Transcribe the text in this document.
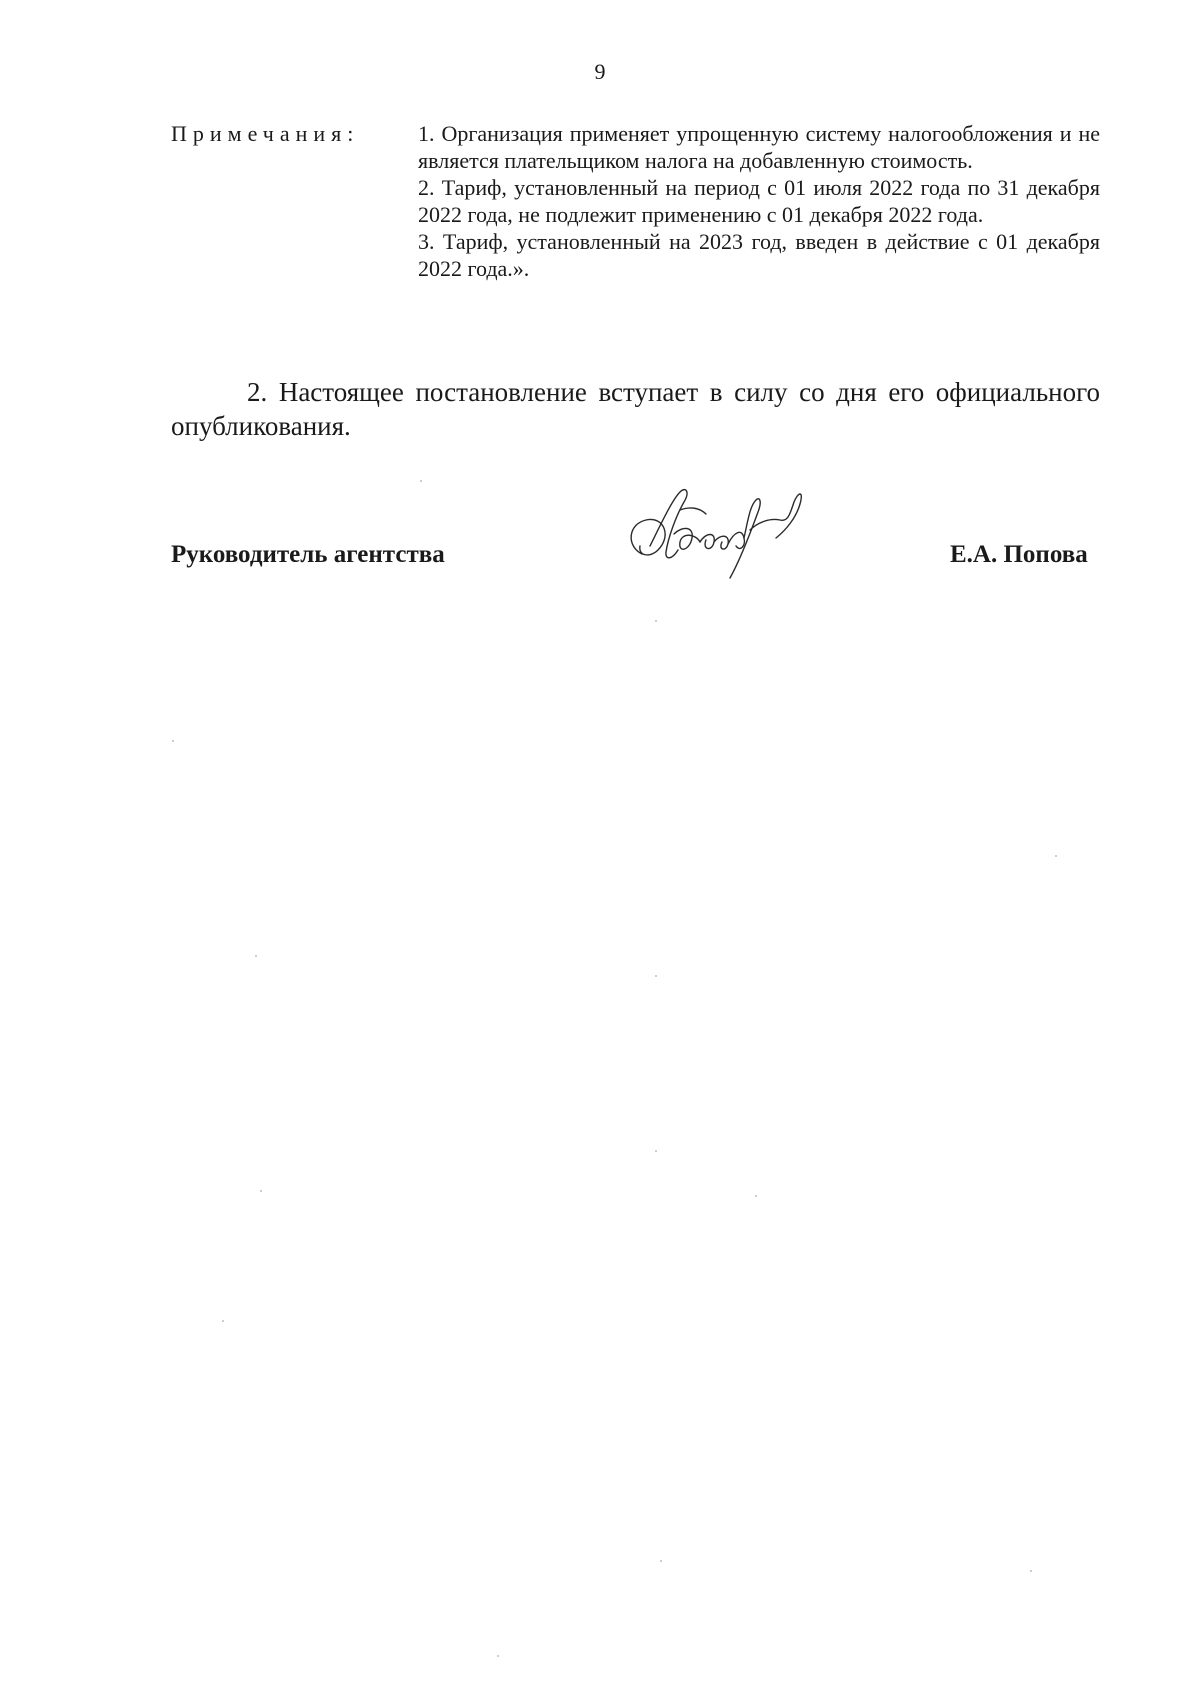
9
Примечания:	1. Организация применяет упрощенную систему налогообложения и не является плательщиком налога на добавленную стоимость.

2. Тариф, установленный на период с 01 июля 2022 года по 31 декабря 2022 года, не подлежит применению с 01 декабря 2022 года.

3. Тариф, установленный на 2023 год, введен в действие с 01 декабря 2022 года.».

2. Настоящее постановление вступает в силу со дня его официального опубликования.

Руководитель агентства	Е.А. Попова
